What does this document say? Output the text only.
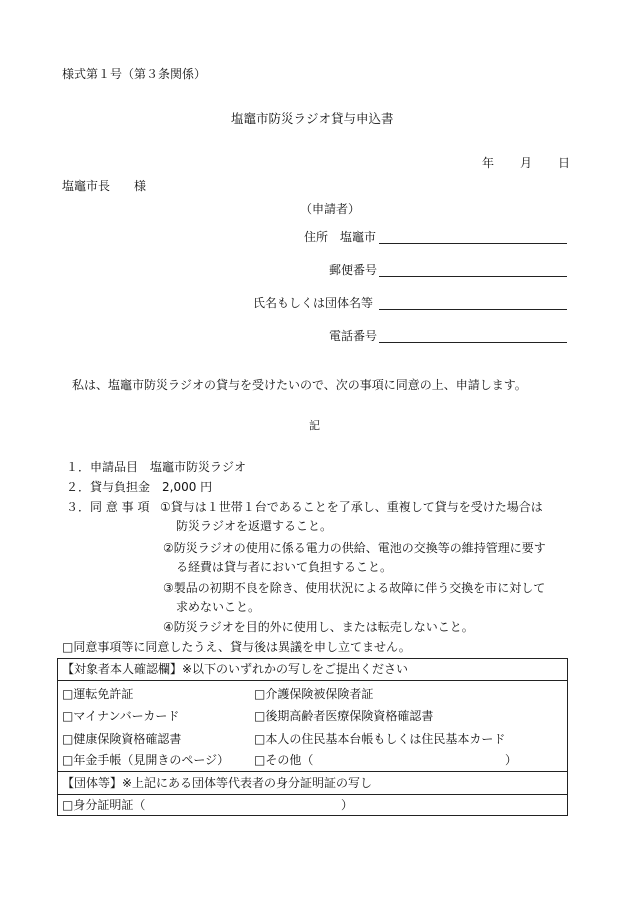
様式第１号（第３条関係）
塩竈市防災ラジオ貸与申込書
年 月 日
塩竈市長　　様
（申請者）
住所　塩竈市
郵便番号
氏名もしくは団体名等
電話番号
私は、塩竈市防災ラジオの貸与を受けたいので、次の事項に同意の上、申請します。
記
１．申請品目　塩竈市防災ラジオ
２．貸与負担金　2,000 円
３．同 意 事 項 ①貸与は１世帯１台であることを了承し、重複して貸与を受けた場合は
防災ラジオを返還すること。
②防災ラジオの使用に係る電力の供給、電池の交換等の維持管理に要す
る経費は貸与者において負担すること。
③製品の初期不良を除き、使用状況による故障に伴う交換を市に対して
求めないこと。
④防災ラジオを目的外に使用し、または転売しないこと。
□同意事項等に同意したうえ、貸与後は異議を申し立てません。
【対象者本人確認欄】※以下のいずれかの写しをご提出ください
□運転免許証	□介護保険被保険者証
□マイナンバーカード	□後期高齢者医療保険資格確認書
□健康保険資格確認書	□本人の住民基本台帳もしくは住民基本カード
□年金手帳（見開きのページ） □その他（	）
【団体等】※上記にある団体等代表者の身分証明証の写し
□身分証明証（	）
